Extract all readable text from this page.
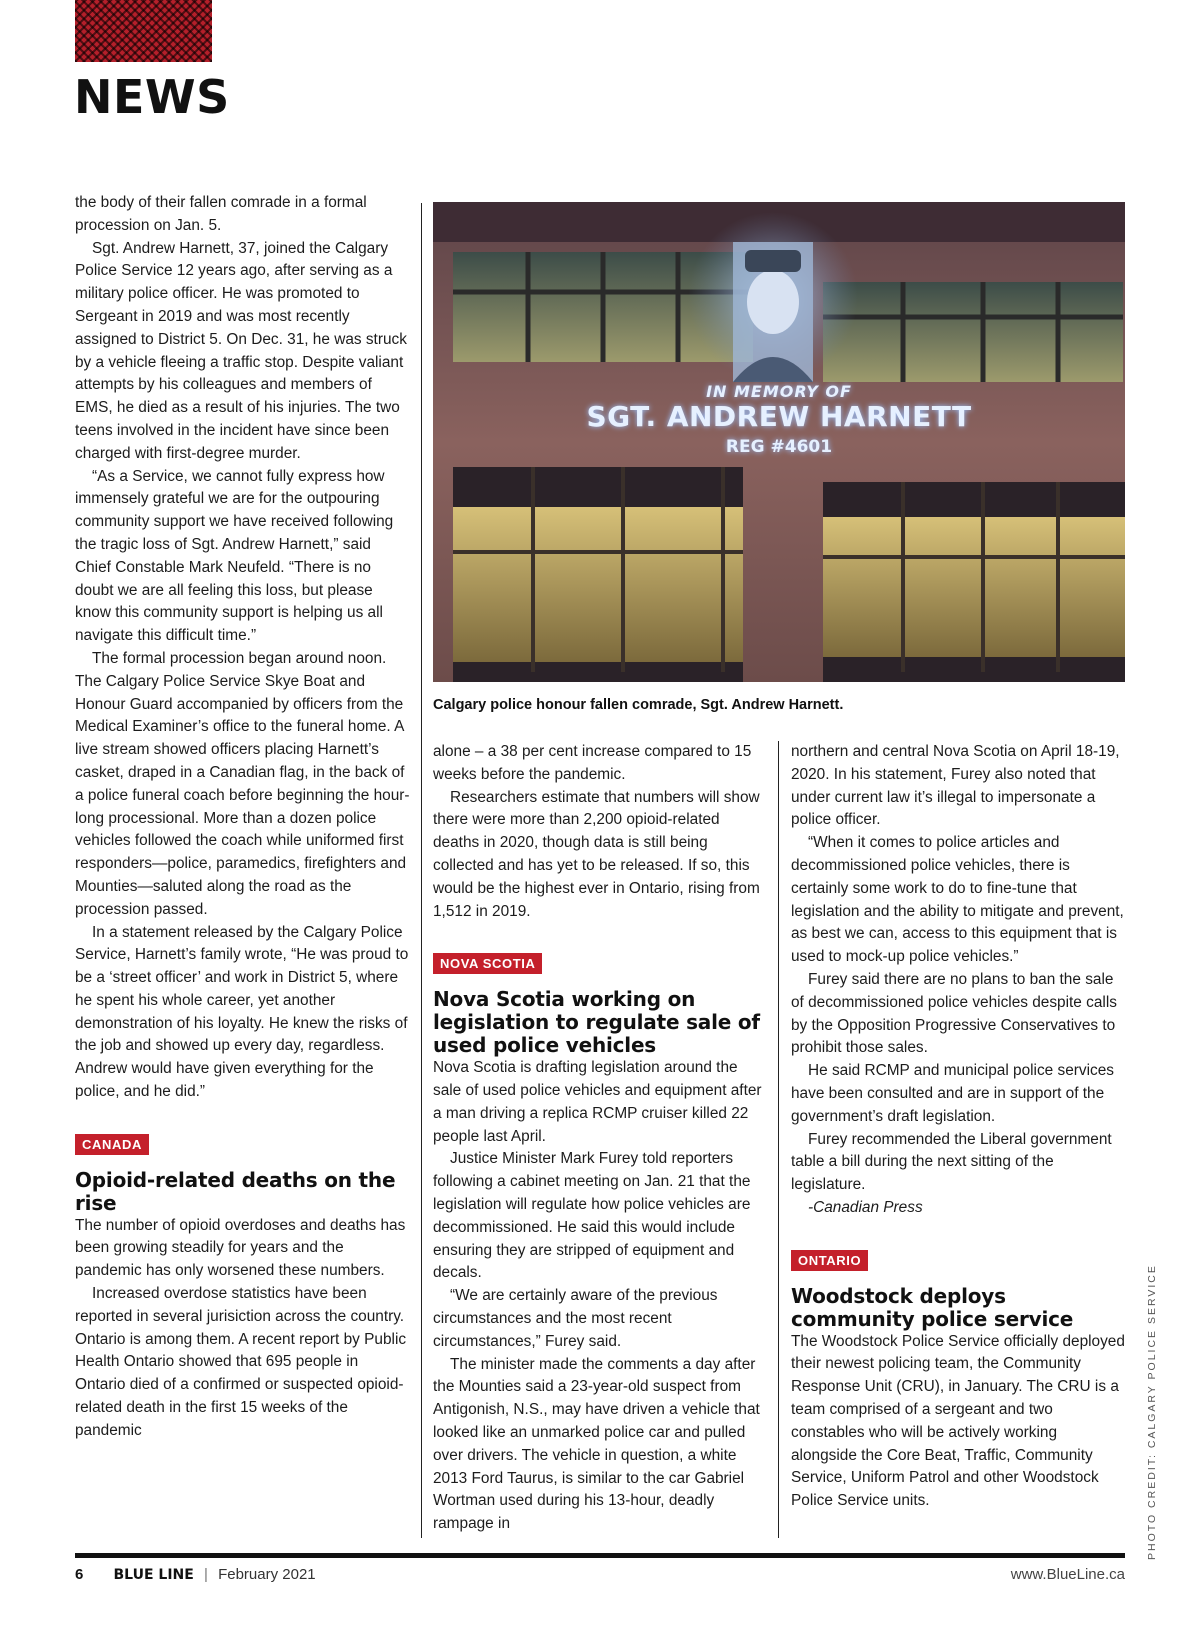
NEWS

the body of their fallen comrade in a formal procession on Jan. 5.

Sgt. Andrew Harnett, 37, joined the Calgary Police Service 12 years ago, after serving as a military police officer. He was promoted to Sergeant in 2019 and was most recently assigned to District 5. On Dec. 31, he was struck by a vehicle fleeing a traffic stop. Despite valiant attempts by his colleagues and members of EMS, he died as a result of his injuries. The two teens involved in the incident have since been charged with first-degree murder.

“As a Service, we cannot fully express how immensely grateful we are for the outpouring community support we have received following the tragic loss of Sgt. Andrew Harnett,” said Chief Constable Mark Neufeld. “There is no doubt we are all feeling this loss, but please know this community support is helping us all navigate this difficult time.”

The formal procession began around noon. The Calgary Police Service Skye Boat and Honour Guard accompanied by officers from the Medical Examiner’s office to the funeral home. A live stream showed officers placing Harnett’s casket, draped in a Canadian flag, in the back of a police funeral coach before beginning the hour-long processional. More than a dozen police vehicles followed the coach while uniformed first responders—police, paramedics, firefighters and Mounties—saluted along the road as the procession passed.

In a statement released by the Calgary Police Service, Harnett’s family wrote, “He was proud to be a ‘street officer’ and work in District 5, where he spent his whole career, yet another demonstration of his loyalty. He knew the risks of the job and showed up every day, regardless. Andrew would have given everything for the police, and he did.”

CANADA
Opioid-related deaths on the rise

The number of opioid overdoses and deaths has been growing steadily for years and the pandemic has only worsened these numbers.

Increased overdose statistics have been reported in several jurisiction across the country. Ontario is among them. A recent report by Public Health Ontario showed that 695 people in Ontario died of a confirmed or suspected opioid-related death in the first 15 weeks of the pandemic

IN MEMORY OF
SGT. ANDREW HARNETT
REG #4601
Calgary police honour fallen comrade, Sgt. Andrew Harnett.

alone – a 38 per cent increase compared to 15 weeks before the pandemic.

Researchers estimate that numbers will show there were more than 2,200 opioid-related deaths in 2020, though data is still being collected and has yet to be released. If so, this would be the highest ever in Ontario, rising from 1,512 in 2019.

NOVA SCOTIA
Nova Scotia working on legislation to regulate sale of used police vehicles

Nova Scotia is drafting legislation around the sale of used police vehicles and equipment after a man driving a replica RCMP cruiser killed 22 people last April.

Justice Minister Mark Furey told reporters following a cabinet meeting on Jan. 21 that the legislation will regulate how police vehicles are decommissioned. He said this would include ensuring they are stripped of equipment and decals.

“We are certainly aware of the previous circumstances and the most recent circumstances,” Furey said.

The minister made the comments a day after the Mounties said a 23-year-old suspect from Antigonish, N.S., may have driven a vehicle that looked like an unmarked police car and pulled over drivers. The vehicle in question, a white 2013 Ford Taurus, is similar to the car Gabriel Wortman used during his 13-hour, deadly rampage in

northern and central Nova Scotia on April 18-19, 2020. In his statement, Furey also noted that under current law it’s illegal to impersonate a police officer.

“When it comes to police articles and decommissioned police vehicles, there is certainly some work to do to fine-tune that legislation and the ability to mitigate and prevent, as best we can, access to this equipment that is used to mock-up police vehicles.”

Furey said there are no plans to ban the sale of decommissioned police vehicles despite calls by the Opposition Progressive Conservatives to prohibit those sales.

He said RCMP and municipal police services have been consulted and are in support of the government’s draft legislation.

Furey recommended the Liberal government table a bill during the next sitting of the legislature.

-Canadian Press

ONTARIO
Woodstock deploys community police service

The Woodstock Police Service officially deployed their newest policing team, the Community Response Unit (CRU), in January. The CRU is a team comprised of a sergeant and two constables who will be actively working alongside the Core Beat, Traffic, Community Service, Uniform Patrol and other Woodstock Police Service units.	PHOTO CREDIT: CALGARY POLICE SERVICE
6 BLUE LINE | February 2021	www.BlueLine.ca
